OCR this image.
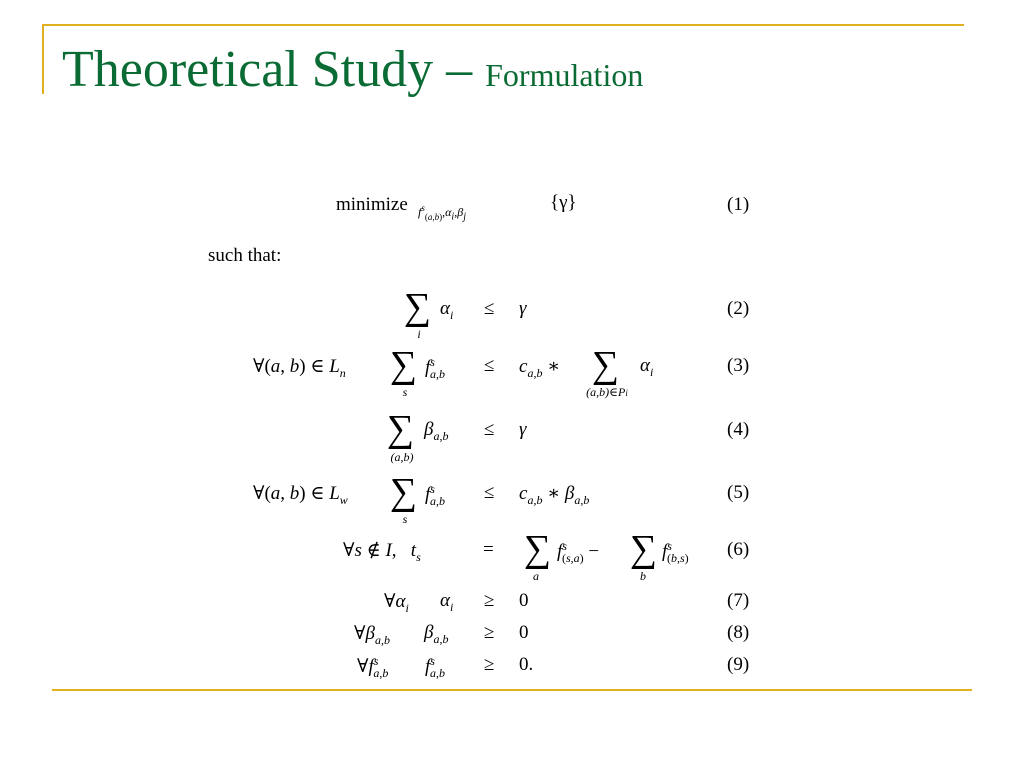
Theoretical Study – Formulation
minimize $f^s_{(a,b)},\alpha_i,\beta_j$
{γ}	(1)
such that:
∑
i
$\alpha_i \le \gamma$	(2)
∀(a, b) ∈ $L_n$ ∑
s
$f^s_{a,b} \le c_{a,b}$ ∗ ∑
(a,b)∈Pi
$\alpha_i$	(3)
∑
(a,b)
$\beta_{a,b} \le \gamma$	(4)
∀(a, b) ∈ $L_w$ ∑
s
$f^s_{a,b} \le c_{a,b}$ ∗ $\beta_{a,b}$	(5)
∀s ∉ I,   $t_s$	= ∑
a
$f^s_{(s,a)}$ − ∑
b
$f^s_{(b,s)}$ (6)
$\forall\alpha_i$ $\alpha_i \ge 0$	(7)
$\forall\beta_{a,b}$ $\beta_{a,b} \ge 0$	(8)
$\forall f^s_{a,b}$ $f^s_{a,b} \ge 0$.	(9)
